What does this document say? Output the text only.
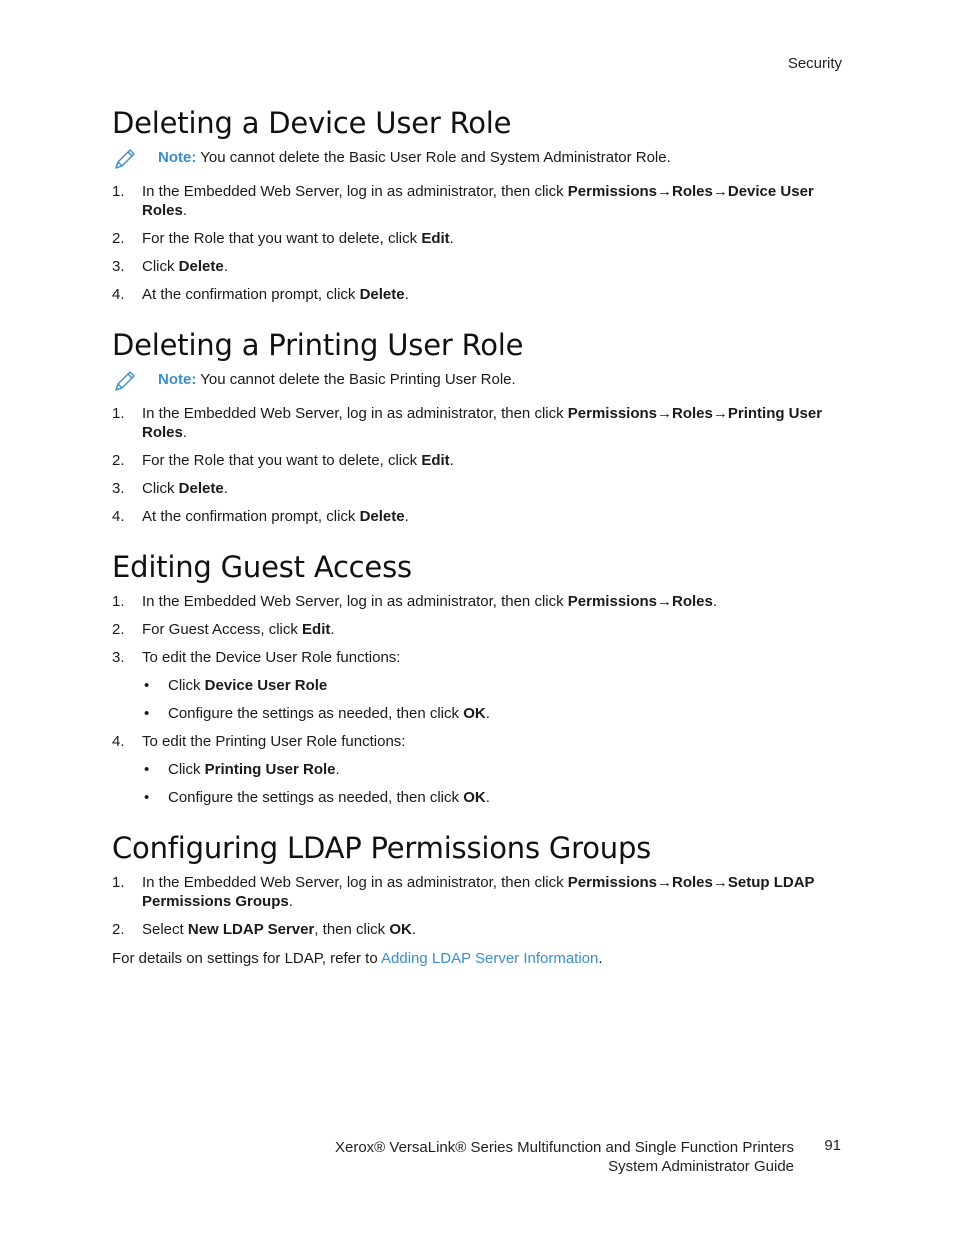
Security
Deleting a Device User Role
Note: You cannot delete the Basic User Role and System Administrator Role.
1. In the Embedded Web Server, log in as administrator, then click Permissions→Roles→Device User Roles.
2. For the Role that you want to delete, click Edit.
3. Click Delete.
4. At the confirmation prompt, click Delete.
Deleting a Printing User Role
Note: You cannot delete the Basic Printing User Role.
1. In the Embedded Web Server, log in as administrator, then click Permissions→Roles→Printing User Roles.
2. For the Role that you want to delete, click Edit.
3. Click Delete.
4. At the confirmation prompt, click Delete.
Editing Guest Access
1. In the Embedded Web Server, log in as administrator, then click Permissions→Roles.
2. For Guest Access, click Edit.
3. To edit the Device User Role functions:
• Click Device User Role
• Configure the settings as needed, then click OK.
4. To edit the Printing User Role functions:
• Click Printing User Role.
• Configure the settings as needed, then click OK.
Configuring LDAP Permissions Groups
1. In the Embedded Web Server, log in as administrator, then click Permissions→Roles→Setup LDAP Permissions Groups.
2. Select New LDAP Server, then click OK.
For details on settings for LDAP, refer to Adding LDAP Server Information.
Xerox® VersaLink® Series Multifunction and Single Function Printers
System Administrator Guide
91
